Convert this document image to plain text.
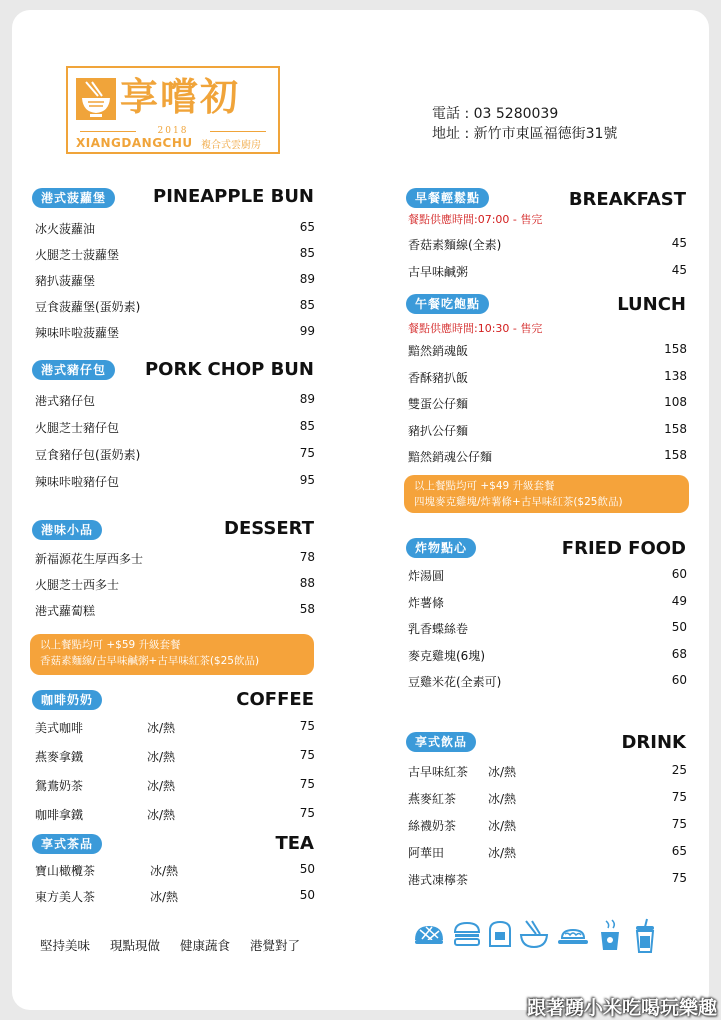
享嚐初
2018
XIANGDANGCHU 複合式雲廚房
電話 : 03 5280039
地址 : 新竹市東區福德街31號
港式菠蘿堡	PINEAPPLE BUN
冰火菠蘿油	65
火腿芝士菠蘿堡	85
豬扒菠蘿堡	89
豆食菠蘿堡(蛋奶素)	85
辣味咔啦菠蘿堡	99
港式豬仔包	PORK CHOP BUN
港式豬仔包	89
火腿芝士豬仔包	85
豆食豬仔包(蛋奶素)	75
辣味咔啦豬仔包	95
港味小品	DESSERT
新福源花生厚西多士	78
火腿芝士西多士	88
港式蘿蔔糕	58
以上餐點均可 +$59 升級套餐
香菇素麵線/古早味鹹粥+古早味紅茶($25飲品)
咖啡奶奶	COFFEE
美式咖啡	冰/熱	75
燕麥拿鐵	冰/熱	75
鴛鴦奶茶	冰/熱	75
咖啡拿鐵	冰/熱	75
享式茶品	TEA
寶山橄欖茶	冰/熱	50
東方美人茶	冰/熱	50
早餐輕鬆點	BREAKFAST
餐點供應時間:07:00 - 售完
香菇素麵線(全素)	45
古早味鹹粥	45
午餐吃飽點	LUNCH
餐點供應時間:10:30 - 售完
黯然銷魂飯	158
香酥豬扒飯	138
雙蛋公仔麵	108
豬扒公仔麵	158
黯然銷魂公仔麵	158
以上餐點均可 +$49 升級套餐
四塊麥克雞塊/炸薯條+古早味紅茶($25飲品)
炸物點心	FRIED FOOD
炸湯圓	60
炸薯條	49
乳香蝶絲卷	50
麥克雞塊(6塊)	68
豆雞米花(全素可)	60
享式飲品	DRINK
古早味紅茶 冰/熱	25
燕麥紅茶	冰/熱	75
絲襪奶茶	冰/熱	75
阿華田	冰/熱	65
港式凍檸茶	75
堅持美味 現點現做 健康蔬食 港覺對了
跟著踴小米吃喝玩樂趣
